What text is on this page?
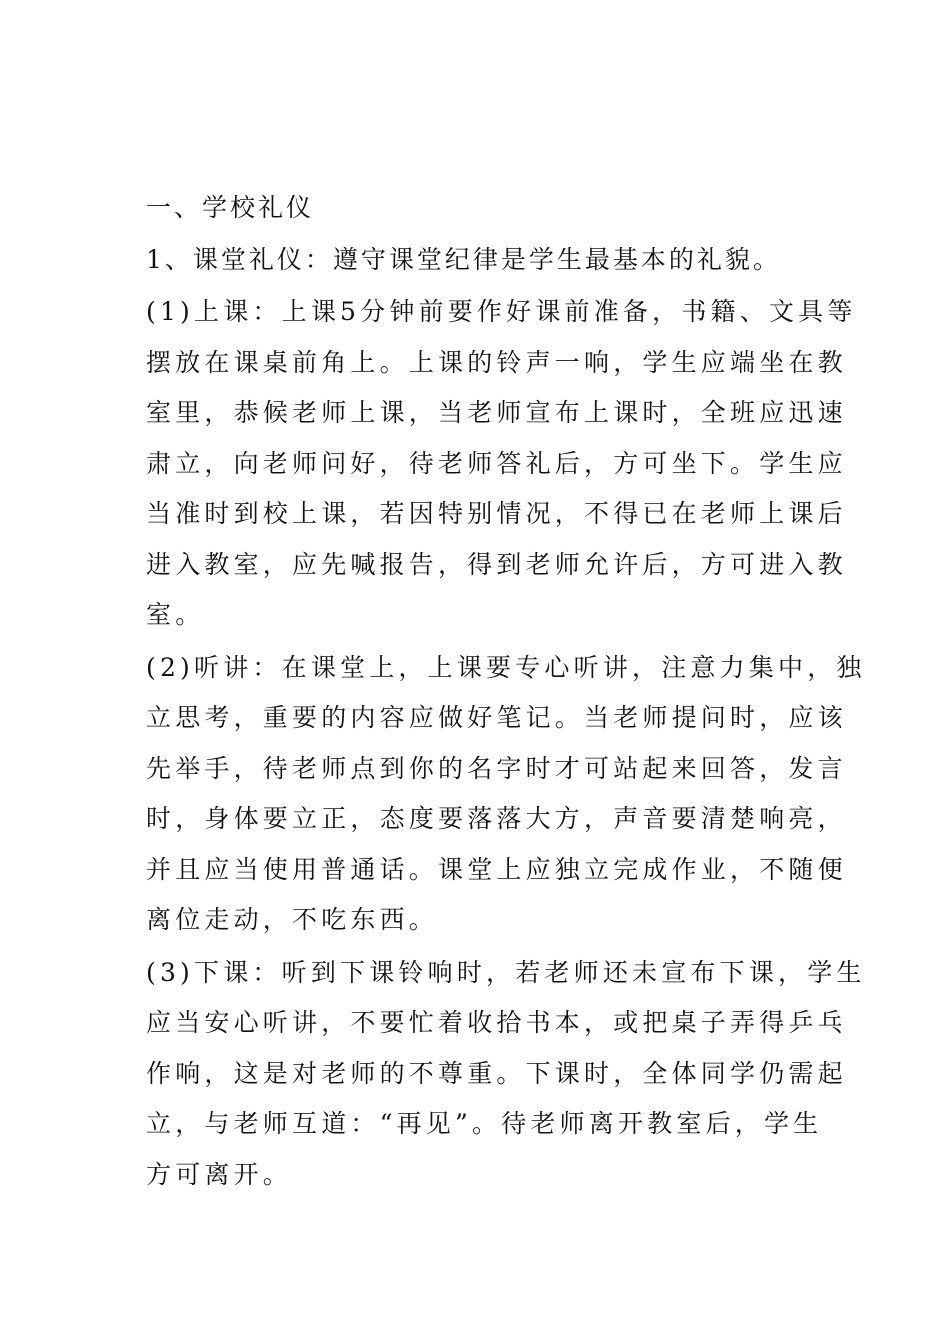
一、学校礼仪
1、课堂礼仪：遵守课堂纪律是学生最基本的礼貌。
(1)上课：上课5分钟前要作好课前准备，书籍、文具等
摆放在课桌前角上。上课的铃声一响，学生应端坐在教
室里，恭候老师上课，当老师宣布上课时，全班应迅速
肃立，向老师问好，待老师答礼后，方可坐下。学生应
当准时到校上课，若因特别情况，不得已在老师上课后
进入教室，应先喊报告，得到老师允许后，方可进入教
室。
(2)听讲：在课堂上，上课要专心听讲，注意力集中，独
立思考，重要的内容应做好笔记。当老师提问时，应该
先举手，待老师点到你的名字时才可站起来回答，发言
时，身体要立正，态度要落落大方，声音要清楚响亮，
并且应当使用普通话。课堂上应独立完成作业，不随便
离位走动，不吃东西。
(3)下课：听到下课铃响时，若老师还未宣布下课，学生
应当安心听讲，不要忙着收拾书本，或把桌子弄得乒乓
作响，这是对老师的不尊重。下课时，全体同学仍需起
立，与老师互道：“再见”。待老师离开教室后，学生
方可离开。
